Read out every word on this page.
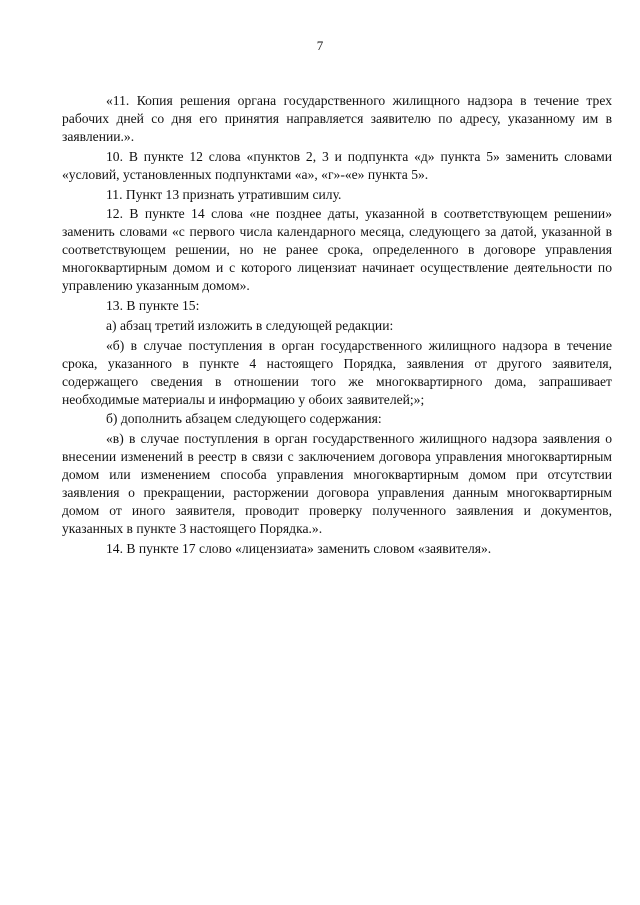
7

«11. Копия решения органа государственного жилищного надзора в течение трех рабочих дней со дня его принятия направляется заявителю по адресу, указанному им в заявлении.».

10. В пункте 12 слова «пунктов 2, 3 и подпункта «д» пункта 5» заменить словами «условий, установленных подпунктами «а», «г»-«е» пункта 5».

11. Пункт 13 признать утратившим силу.

12. В пункте 14 слова «не позднее даты, указанной в соответствующем решении» заменить словами «с первого числа календарного месяца, следующего за датой, указанной в соответствующем решении, но не ранее срока, определенного в договоре управления многоквартирным домом и с которого лицензиат начинает осуществление деятельности по управлению указанным домом».

13. В пункте 15:

а) абзац третий изложить в следующей редакции:

«б) в случае поступления в орган государственного жилищного надзора в течение срока, указанного в пункте 4 настоящего Порядка, заявления от другого заявителя, содержащего сведения в отношении того же многоквартирного дома, запрашивает необходимые материалы и информацию у обоих заявителей;»;

б) дополнить абзацем следующего содержания:

«в) в случае поступления в орган государственного жилищного надзора заявления о внесении изменений в реестр в связи с заключением договора управления многоквартирным домом или изменением способа управления многоквартирным домом при отсутствии заявления о прекращении, расторжении договора управления данным многоквартирным домом от иного заявителя, проводит проверку полученного заявления и документов, указанных в пункте 3 настоящего Порядка.».

14. В пункте 17 слово «лицензиата» заменить словом «заявителя».
